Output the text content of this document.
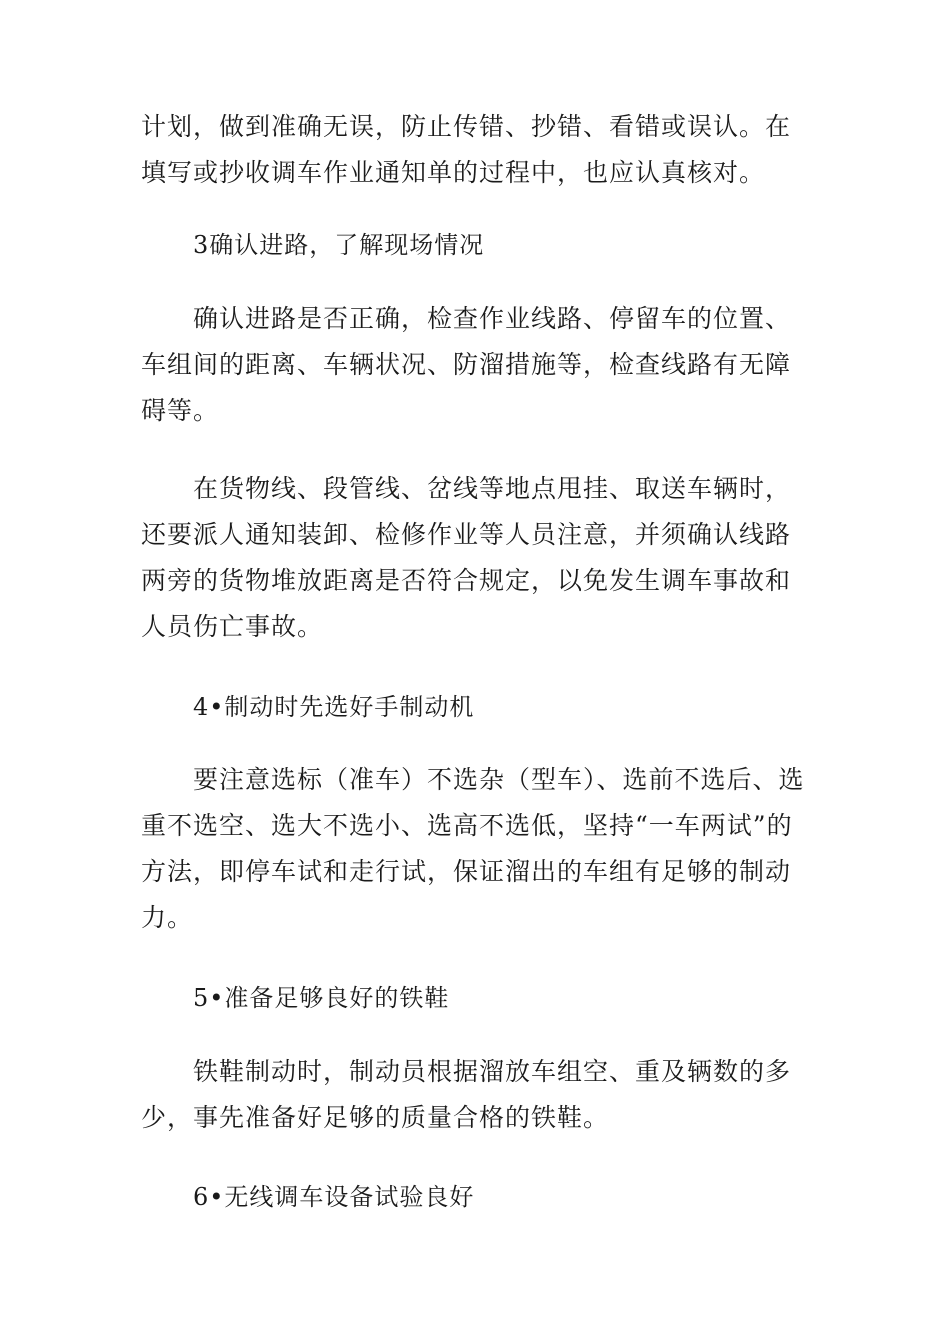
计划，做到准确无误，防止传错、抄错、看错或误认。在填写或抄收调车作业通知单的过程中，也应认真核对。

3确认进路，了解现场情况

确认进路是否正确，检查作业线路、停留车的位置、车组间的距离、车辆状况、防溜措施等，检查线路有无障碍等。

在货物线、段管线、岔线等地点甩挂、取送车辆时，还要派人通知装卸、检修作业等人员注意，并须确认线路两旁的货物堆放距离是否符合规定，以免发生调车事故和人员伤亡事故。

4•制动时先选好手制动机

要注意选标（准车）不选杂（型车）、选前不选后、选重不选空、选大不选小、选高不选低，坚持“一车两试”的方法，即停车试和走行试，保证溜出的车组有足够的制动力。

5•准备足够良好的铁鞋

铁鞋制动时，制动员根据溜放车组空、重及辆数的多少，事先准备好足够的质量合格的铁鞋。

6•无线调车设备试验良好
